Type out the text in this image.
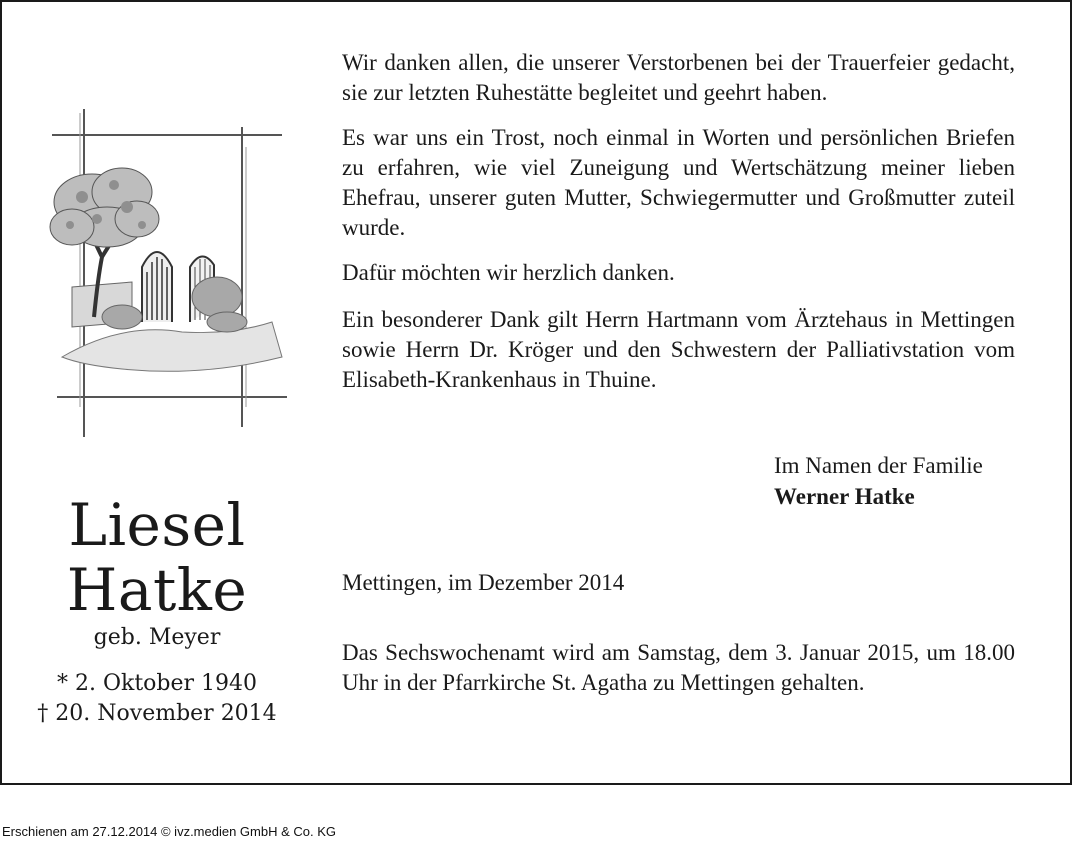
Liesel
Hatke
geb. Meyer
* 2. Oktober 1940
† 20. November 2014
Wir danken allen, die unserer Verstorbenen bei der Trauerfeier gedacht, sie zur letzten Ruhestätte begleitet und geehrt haben.
Es war uns ein Trost, noch einmal in Worten und persönlichen Briefen zu erfahren, wie viel Zuneigung und Wertschätzung meiner lieben Ehefrau, unserer guten Mutter, Schwiegermutter und Großmutter zuteil wurde.
Dafür möchten wir herzlich danken.
Ein besonderer Dank gilt Herrn Hartmann vom Ärztehaus in Mettingen sowie Herrn Dr. Kröger und den Schwestern der Palliativstation vom Elisabeth-Krankenhaus in Thuine.
Im Namen der Familie
Werner Hatke
Mettingen, im Dezember 2014
Das Sechswochenamt wird am Samstag, dem 3. Januar 2015, um 18.00 Uhr in der Pfarrkirche St. Agatha zu Mettingen gehalten.
Erschienen am 27.12.2014 © ivz.medien GmbH & Co. KG
